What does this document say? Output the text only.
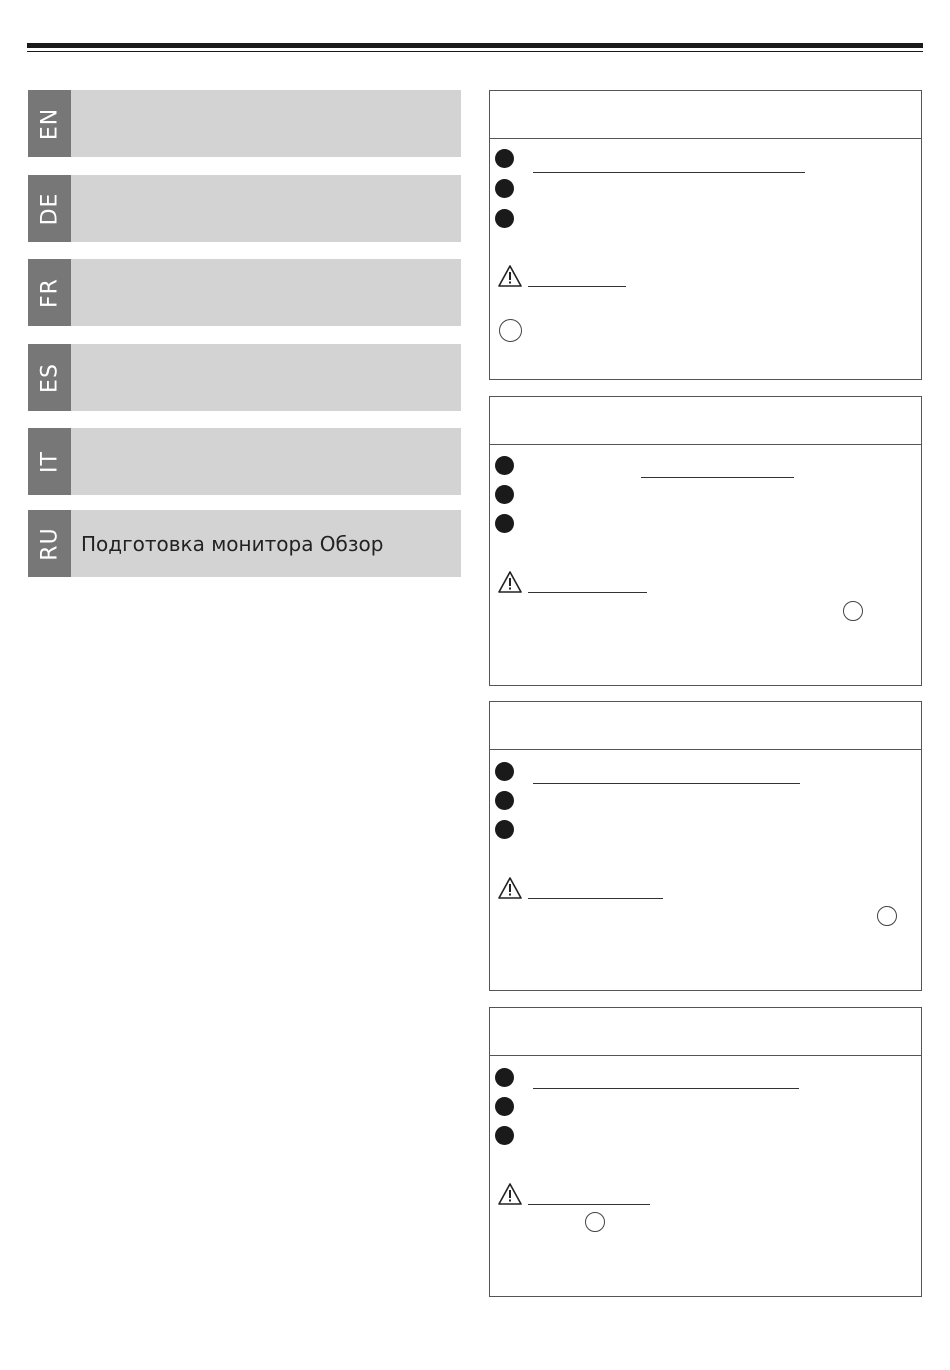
EN
DE
FR
ES
IT
RU Подготовка монитора Обзор
